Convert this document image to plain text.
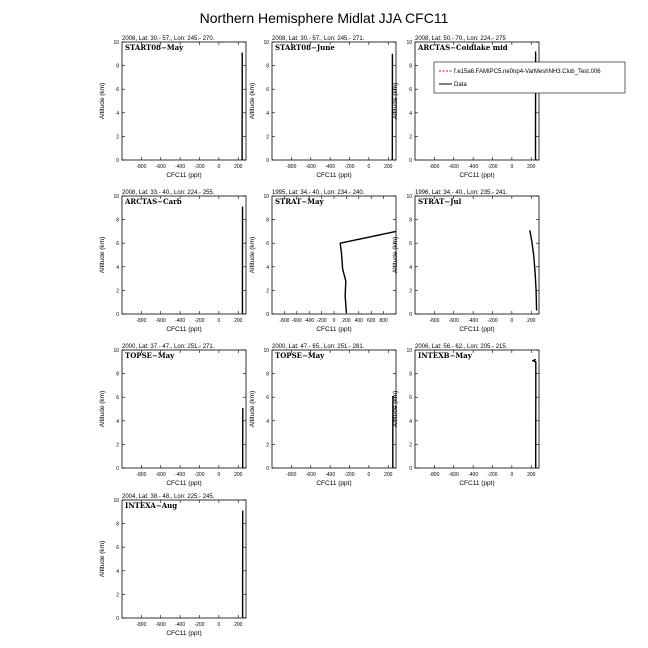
Northern Hemisphere Midlat JJA CFC11
2008, Lat: 30.- 57., Lon: 245.- 270.
START08−May
-800 -600 -400 -200	0	200
0
2
4
6
8
10
CFC11 (ppt)
Altitude (km)
2008, Lat: 30.- 57., Lon: 245.- 271.
START08−June
-800 -600 -400 -200	0	200
0
2
4
6
8
10
CFC11 (ppt)
Altitude (km)
2008, Lat: 50.- 70., Lon: 224.- 275
ARCTAS−Coldlake mid
-800 -600 -400 -200	0	200
0
2
4
6
8
10
CFC11 (ppt)
Altitude (km)
2008, Lat: 33.- 40., Lon: 224.- 255.
ARCTAS−Carb
-800 -600 -400 -200	0	200
0
2
4
6
8
10
CFC11 (ppt)
Altitude (km)
1995, Lat: 34.- 40., Lon: 234.- 240.
STRAT−May
-800 -600 -400 -200 0 200 400 600 800
0
2
4
6
8
10
CFC11 (ppt)
Altitude (km)
1996, Lat: 34.- 40., Lon: 235.- 241.
STRAT−Jul
-800 -600 -400 -200	0	200
0
2
4
6
8
10
CFC11 (ppt)
Altitude (km)
2000, Lat: 37.- 47., Lon: 251.- 271.
TOPSE−May
-800 -600 -400 -200	0	200
0
2
4
6
8
10
CFC11 (ppt)
Altitude (km)
2000, Lat: 47.- 65., Lon: 251.- 281.
TOPSE−May
-800 -600 -400 -200	0	200
0
2
4
6
8
10
CFC11 (ppt)
Altitude (km)
2006, Lat: 56.- 62., Lon: 205.- 215.
INTEXB−May
-800 -600 -400 -200	0	200
0
2
4
6
8
10
CFC11 (ppt)
Altitude (km)
2004, Lat: 38.- 48., Lon: 225.- 245.
INTEXA−Aug
-800 -600 -400 -200	0	200
0
2
4
6
8
10
CFC11 (ppt)
Altitude (km)
f.e15a6.FAMIPC5.ne0np4-VarMeshNH3.Club_Test.006
Data
